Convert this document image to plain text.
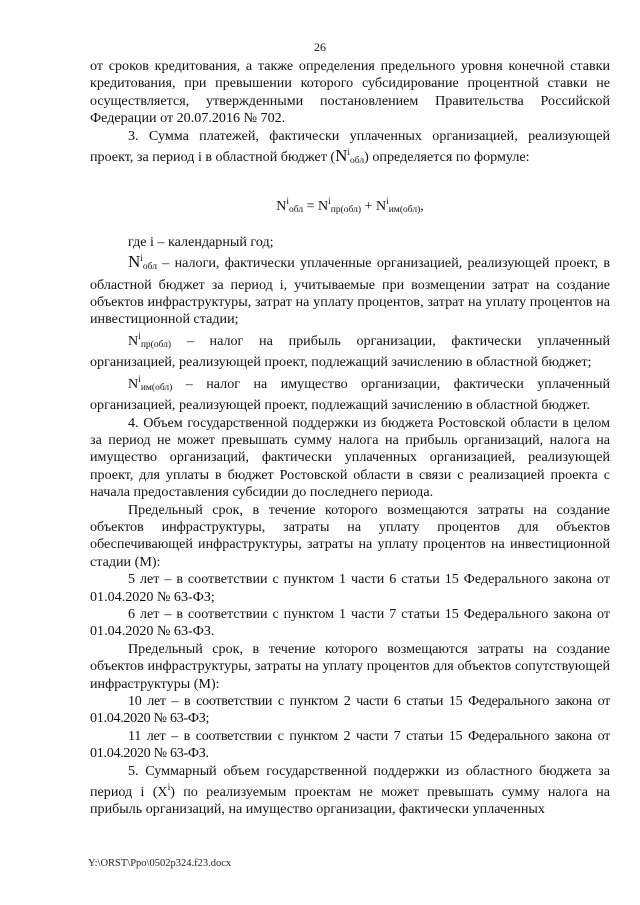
26

от сроков кредитования, а также определения предельного уровня конечной ставки кредитования, при превышении которого субсидирование процентной ставки не осуществляется, утвержденными постановлением Правительства Российской Федерации от 20.07.2016 № 702.

3. Сумма платежей, фактически уплаченных организацией, реализующей проект, за период i в областной бюджет $(N^i_{обл})$ определяется по формуле:

$N^i_{обл} = N^i_{пр(обл)} + N^i_{им(обл)}$,

где i – календарный год;

$N^i_{обл}$ – налоги, фактически уплаченные организацией, реализующей проект, в областной бюджет за период i, учитываемые при возмещении затрат на создание объектов инфраструктуры, затрат на уплату процентов, затрат на уплату процентов на инвестиционной стадии;

$N^i_{пр(обл)}$ – налог на прибыль организации, фактически уплаченный организацией, реализующей проект, подлежащий зачислению в областной бюджет;

$N^i_{им(обл)}$ – налог на имущество организации, фактически уплаченный организацией, реализующей проект, подлежащий зачислению в областной бюджет.

4. Объем государственной поддержки из бюджета Ростовской области в целом за период не может превышать сумму налога на прибыль организаций, налога на имущество организаций, фактически уплаченных организацией, реализующей проект, для уплаты в бюджет Ростовской области в связи с реализацией проекта с начала предоставления субсидии до последнего периода.

Предельный срок, в течение которого возмещаются затраты на создание объектов инфраструктуры, затраты на уплату процентов для объектов обеспечивающей инфраструктуры, затраты на уплату процентов на инвестиционной стадии (М):

5 лет – в соответствии с пунктом 1 части 6 статьи 15 Федерального закона от 01.04.2020 № 63-ФЗ;

6 лет – в соответствии с пунктом 1 части 7 статьи 15 Федерального закона от 01.04.2020 № 63-ФЗ.

Предельный срок, в течение которого возмещаются затраты на создание объектов инфраструктуры, затраты на уплату процентов для объектов сопутствующей инфраструктуры (М):

10 лет – в соответствии с пунктом 2 части 6 статьи 15 Федерального закона от 01.04.2020 № 63-ФЗ;

11 лет – в соответствии с пунктом 2 части 7 статьи 15 Федерального закона от 01.04.2020 № 63-ФЗ.

5. Суммарный объем государственной поддержки из областного бюджета за период i $(X^i)$ по реализуемым проектам не может превышать сумму налога на прибыль организаций, на имущество организации, фактически уплаченных

Y:\ORST\Ppo\0502p324.f23.docx
